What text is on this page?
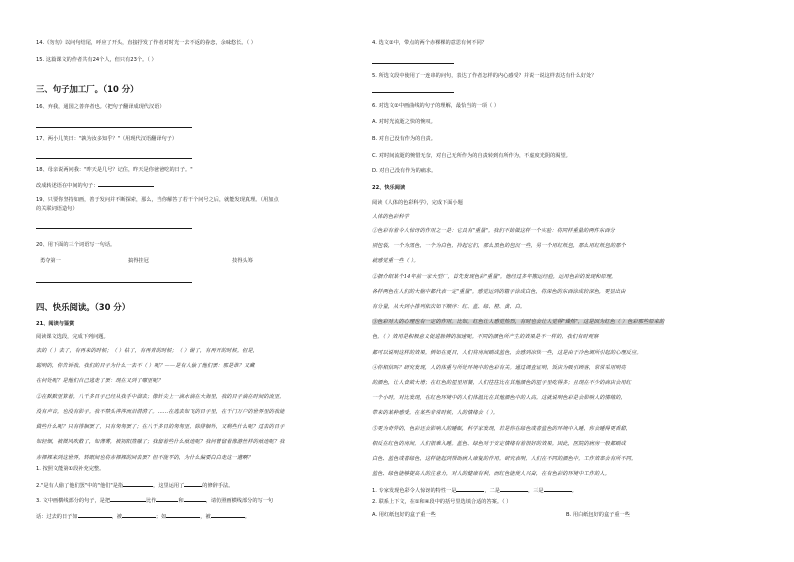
14.《勿勿》以问句结尾，呼应了开头，直接抒发了作者对时光一去不返的眷恋，余味悠长。（ ）
15. 这篇课文的作者共有24个人，但只有23个。（ ）
三、句子加工厂。（10 分）
16、弃我，通国之善弈者也。（把句子翻译成现代汉语）
17、两小儿笑曰："孰为汝多知乎？"（用现代汉语翻译句子）
18、母亲说两问我："昨天是几号？记住，昨天是你爸爸吃的日子。"
改成转述语在中间的句子：
19、只要你坚持如画，善于发问并不断探索，那么，当你解答了若干个问号之后，就能发现真理。（用加点
的关联词语造句）
20、用下面的三个词语写一句话。
勇夺第一	搞得挂冠	技得头筹
四、快乐阅读。（30 分）
21、阅读与鉴赏
阅读课文选段，完成下列问题。
去的（ ）去了，有再来的时候；（ ）枯了，有再青的时候；（ ）谢了，有再开的时候。但是，
聪明的，你告诉我，我们的日子为什么一去不（ ）呢？——是有人偷了他们罢：那是谁？又藏
在何处呢？是他们自己逃走了罢：现在又到了哪里呢？
②在默默里算着，八千多日子已经从我手中溜去；像针尖上一滴水滴在大海里，我的日子滴在时间的流里，
没有声音，也没有影子。我不禁头涔涔而泪潸潸了。……在逃去如飞的日子里，在千门万户的世界里的我能
做些什么呢？只有徘徊罢了，只有匆匆罢了；在八千多日的匆匆里，除徘徊外，又剩些什么呢？过去的日子
如轻烟，被微风吹散了，如薄雾，被初阳蒸融了；我留着些什么痕迹呢？我何曾留着像游丝样的痕迹呢？我
赤裸裸来到这世界，转眼间也将赤裸裸的回去罢？但不能平的，为什么偏要白白走这一遭啊？
1. 按照文能第①段补充完整。
2."是有人偷了他们罢"中的"他们"是指	，这里运用了	的修辞手法。
3. 文中画横线部分的句子，是把	比作	和	，请仿照画横线部分的写一句
话：过去的日子如	，被	；如	，被	。
4. 选文②中，带点的两个赤裸裸的意思有何不同？
5. 所选文段中使用了一连串的问句，表达了作者怎样的内心感受？并说一说这样表达有什么好处？
6. 对选文②中画曲线的句子的理解，最恰当的一项（ ）
A. 对时光流逝之快的惋叹。
B. 对自己没有作为的自责。
C. 对时间流逝的惋惜无奈，对自己无所作为的自责转到有所作为，不虚度光阴的渴望。
D. 对自己没有作为的痛求。
22、快乐阅读
阅读《人体的色彩科学》，完成下面小题
人体的色彩科学
①色彩有着令人惊讶的作用之一是：它具有"重量"。我们不妨做这样一个实验：将同样重量的两件东西分
别包装，一个为黑色，一个为白色，拎起它们，那么黑色的包沉一些，另一个用红纸包，那么用红纸包的那个
就感觉重一些（ ）。
②据介绍某个14年前一家大型厂，首先发现色彩"重量"，他经过多年搬运经验，运用色彩的发现和原理，
各样两色在人们的大脑中都代表一定"重量"，感觉运到的箱子涂成白色，将深色的东西涂成较深色，更显出由
有分量，从大到小排列依次如下顺序：红、蓝、绿、橙、黄、白。
③色彩对人的心理也有一定的作用。比如，红色让人感觉热烈，有时也会让人觉得"燥热"，这是因为红色（ ）色彩那些原来的
色，（ ）效用是积极意义促进脉搏的加速呢。不同的颜色所产生的效果是不一样的，我们有时观察
都可以说明这样的效果。例如在夏日，人们将房间刷成蓝色，会感到凉快一些，这是由于冷色调所引起的心理反应。
④你相信吗？研究发现，人的体重与所处环境中的色彩有关。通过调查证明，饭店为吸引顾客，常常采用明亮
的颜色，让人食欲大增；在红色的屋里用餐，人们往往比在其他颜色的屋子里吃得多；且现在不少的商店会用红
一个小时，对比发现，在红色环境中的人们体温比在其他颜色中的人高。这就说明色彩是会影响人的情绪的，
带来的某种感受。在某些非常时候，人的情绪会（ ）。
⑤更为奇异的，色彩还会影响人的睡眠，科学家发现，若是你在绿色或者蓝色的环境中入睡，你会睡得更香甜，
相反在红色的房间，人们很难入睡。蓝色、绿色对于安定情绪有着很好的效果。因此，医院的病房一般都刷成
白色、蓝色或者绿色，这样能起到帮助病人康复的作用。研究表明，人们在不同的颜色中，工作效率会有所不同。
蓝色、绿色能够提高人的注意力，对人的健康有利，而红色能使人兴奋，在有色彩的环境中工作的人。
1. 专家发现色彩令人惊讶的特性一是	，二是	，三是	。
2. 联系上下文，在①和④段中的括号里选填合适的答案。（ ）
A. 用红纸包好的盒子重一些	B. 用白纸包好的盒子重一些
